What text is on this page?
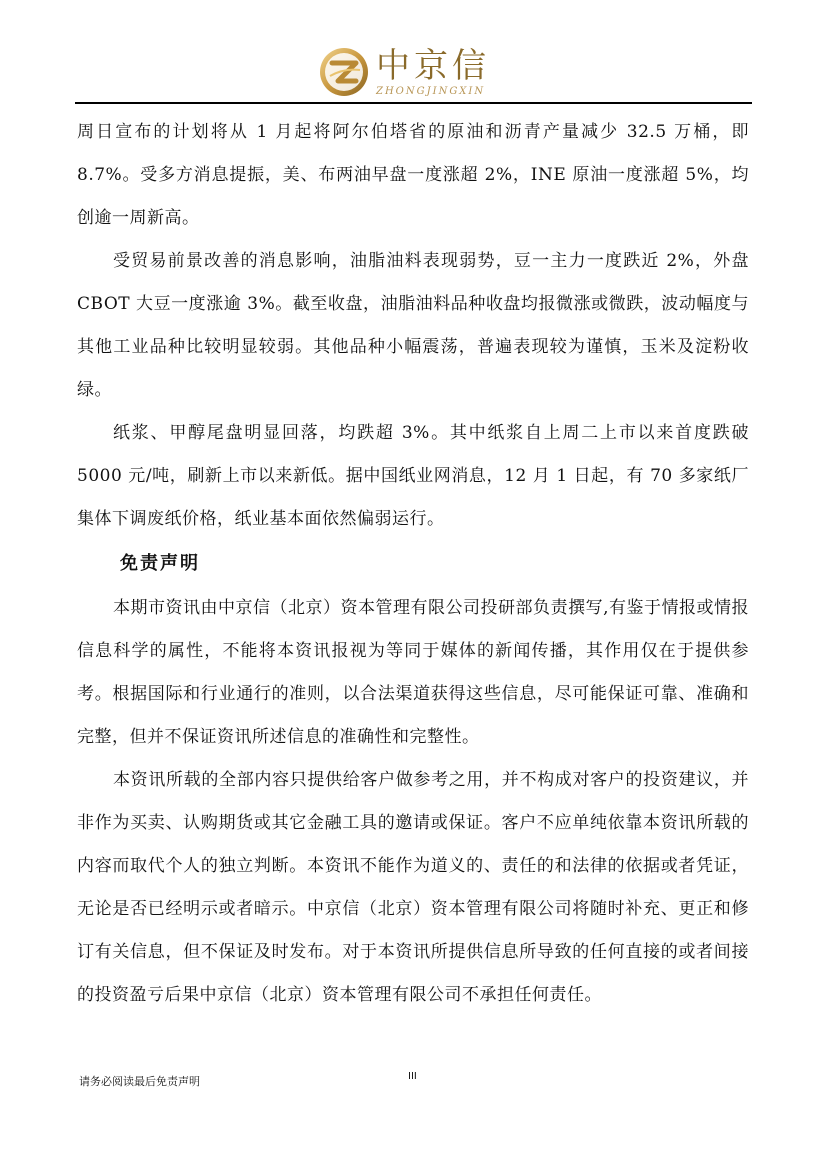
中京信
ZHONGJINGXIN

周日宣布的计划将从 1 月起将阿尔伯塔省的原油和沥青产量减少 32.5 万桶，即 8.7%。受多方消息提振，美、布两油早盘一度涨超 2%，INE 原油一度涨超 5%，均创逾一周新高。

受贸易前景改善的消息影响，油脂油料表现弱势，豆一主力一度跌近 2%，外盘 CBOT 大豆一度涨逾 3%。截至收盘，油脂油料品种收盘均报微涨或微跌，波动幅度与其他工业品种比较明显较弱。其他品种小幅震荡，普遍表现较为谨慎，玉米及淀粉收绿。

纸浆、甲醇尾盘明显回落，均跌超 3%。其中纸浆自上周二上市以来首度跌破 5000 元/吨，刷新上市以来新低。据中国纸业网消息，12 月 1 日起，有 70 多家纸厂集体下调废纸价格，纸业基本面依然偏弱运行。

免责声明

本期市资讯由中京信（北京）资本管理有限公司投研部负责撰写,有鉴于情报或情报信息科学的属性，不能将本资讯报视为等同于媒体的新闻传播，其作用仅在于提供参考。根据国际和行业通行的准则，以合法渠道获得这些信息，尽可能保证可靠、准确和完整，但并不保证资讯所述信息的准确性和完整性。

本资讯所载的全部内容只提供给客户做参考之用，并不构成对客户的投资建议，并非作为买卖、认购期货或其它金融工具的邀请或保证。客户不应单纯依靠本资讯所载的内容而取代个人的独立判断。本资讯不能作为道义的、责任的和法律的依据或者凭证，无论是否已经明示或者暗示。中京信（北京）资本管理有限公司将随时补充、更正和修订有关信息，但不保证及时发布。对于本资讯所提供信息所导致的任何直接的或者间接的投资盈亏后果中京信（北京）资本管理有限公司不承担任何责任。

请务必阅读最后免责声明	III
